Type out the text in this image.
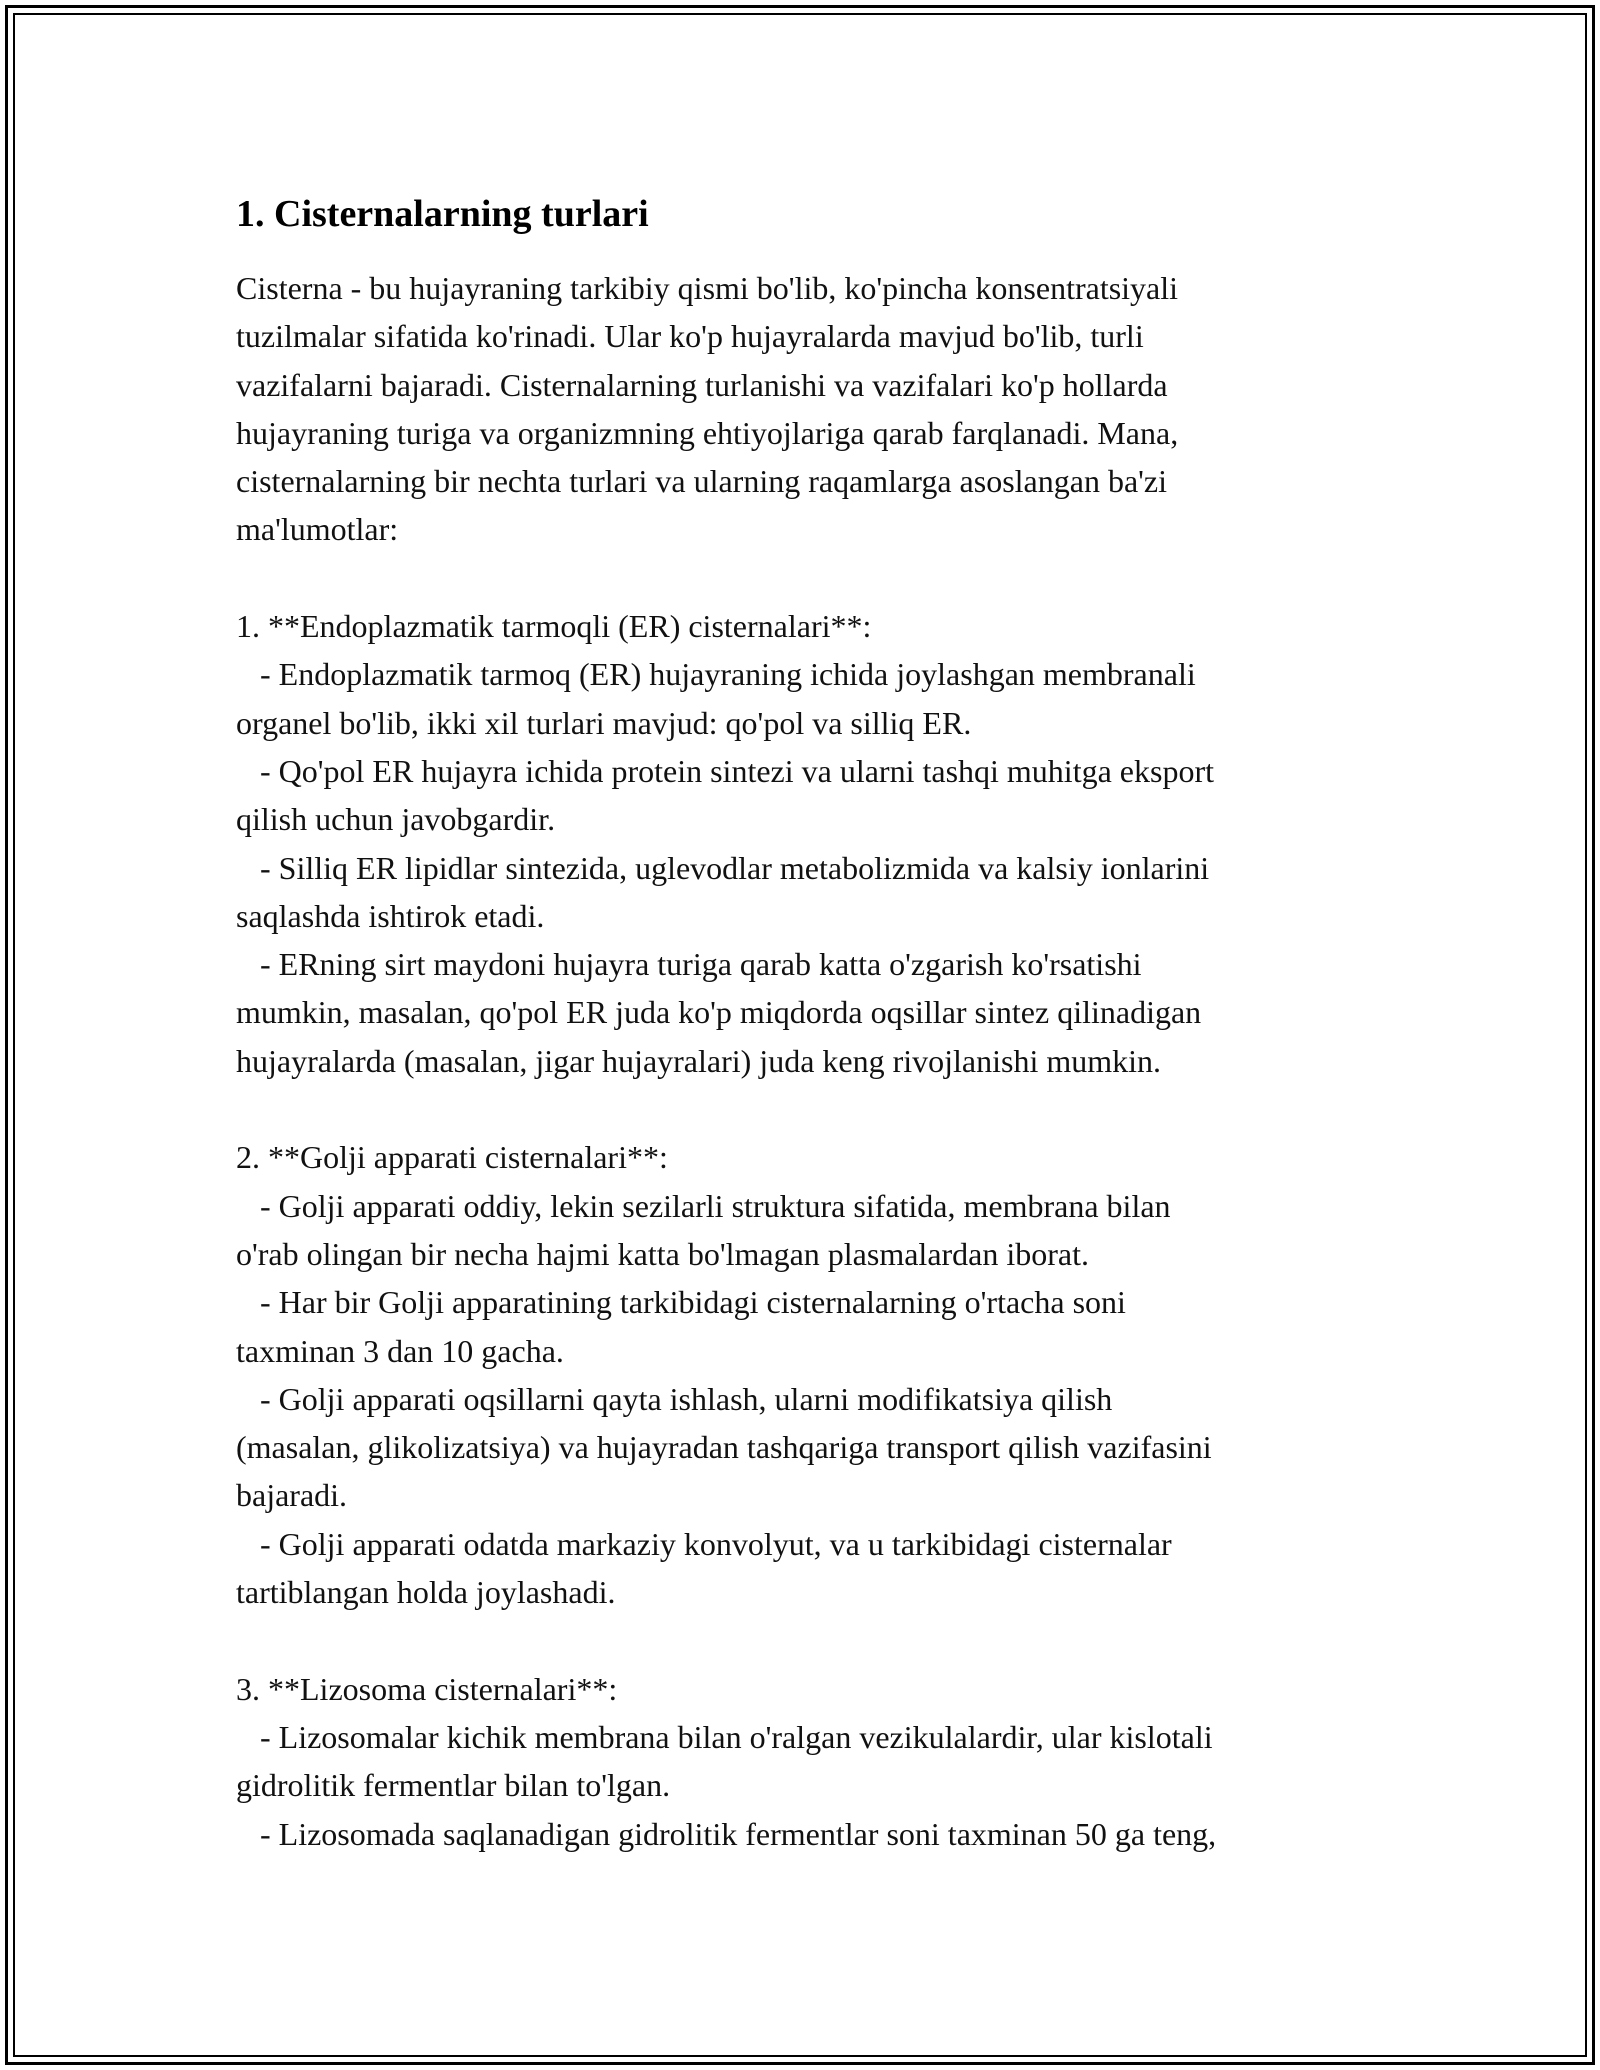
1. Cisternalarning turlari

Cisterna - bu hujayraning tarkibiy qismi bo'lib, ko'pincha konsentratsiyali
tuzilmalar sifatida ko'rinadi. Ular ko'p hujayralarda mavjud bo'lib, turli
vazifalarni bajaradi. Cisternalarning turlanishi va vazifalari ko'p hollarda
hujayraning turiga va organizmning ehtiyojlariga qarab farqlanadi. Mana,
cisternalarning bir nechta turlari va ularning raqamlarga asoslangan ba'zi
ma'lumotlar:

1. **Endoplazmatik tarmoqli (ER) cisternalari**:
- Endoplazmatik tarmoq (ER) hujayraning ichida joylashgan membranali
organel bo'lib, ikki xil turlari mavjud: qo'pol va silliq ER.
- Qo'pol ER hujayra ichida protein sintezi va ularni tashqi muhitga eksport
qilish uchun javobgardir.
- Silliq ER lipidlar sintezida, uglevodlar metabolizmida va kalsiy ionlarini
saqlashda ishtirok etadi.
- ERning sirt maydoni hujayra turiga qarab katta o'zgarish ko'rsatishi
mumkin, masalan, qo'pol ER juda ko'p miqdorda oqsillar sintez qilinadigan
hujayralarda (masalan, jigar hujayralari) juda keng rivojlanishi mumkin.

2. **Golji apparati cisternalari**:
- Golji apparati oddiy, lekin sezilarli struktura sifatida, membrana bilan
o'rab olingan bir necha hajmi katta bo'lmagan plasmalardan iborat.
- Har bir Golji apparatining tarkibidagi cisternalarning o'rtacha soni
taxminan 3 dan 10 gacha.
- Golji apparati oqsillarni qayta ishlash, ularni modifikatsiya qilish
(masalan, glikolizatsiya) va hujayradan tashqariga transport qilish vazifasini
bajaradi.
- Golji apparati odatda markaziy konvolyut, va u tarkibidagi cisternalar
tartiblangan holda joylashadi.

3. **Lizosoma cisternalari**:
- Lizosomalar kichik membrana bilan o'ralgan vezikulalardir, ular kislotali
gidrolitik fermentlar bilan to'lgan.
- Lizosomada saqlanadigan gidrolitik fermentlar soni taxminan 50 ga teng,
